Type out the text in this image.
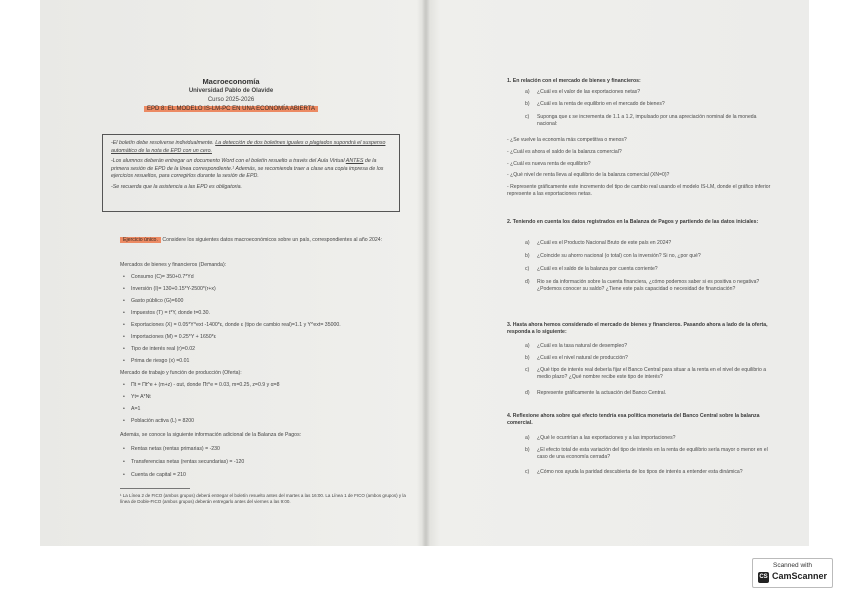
Macroeconomía
Universidad Pablo de Olavide
Curso 2025-2026
EPD 8: EL MODELO IS-LM-PC EN UNA ECONOMÍA ABIERTA

-El boletín debe resolverse individualmente. La detección de dos boletines iguales o plagiados supondrá el suspenso automático de la nota de EPD con un cero.

-Los alumnos deberán entregar un documento Word con el boletín resuelto a través del Aula Virtual ANTES de la primera sesión de EPD de la línea correspondiente.¹ Además, se recomienda traer a clase una copia impresa de los ejercicios resueltos, para corregirlos durante la sesión de EPD.

-Se recuerda que la asistencia a las EPD es obligatoria.

Ejercicio único. Considere los siguientes datos macroeconómicos sobre un país, correspondientes al año 2024:
Mercados de bienes y financieros (Demanda):
• Consumo (C)= 350+0.7*Yd
• Inversión (I)= 130+0.15*Y-2500*(r+x)
• Gasto público (G)=600
• Impuestos (T) = t*Y, donde t=0.30.
• Exportaciones (X) = 0.05*Y^ext -1400*ε, donde ε (tipo de cambio real)=1.1 y Y^ext= 35000.
• Importaciones (M) = 0.25*Y + 1650*ε
• Tipo de interés real (r)=0.02
• Prima de riesgo (x) =0.01
Mercado de trabajo y función de producción (Oferta):
• Πt = Πt^e + (m+z) - αut, donde Πt^e = 0.03, m=0.25, z=0.9 y α=8
• Yt= A*Nt
• A=1
• Población activa (L) = 8200
Además, se conoce la siguiente información adicional de la Balanza de Pagos:
• Rentas netas (rentas primarias) = -230
• Transferencias netas (rentas secundarias) = -120
• Cuenta de capital = 210
¹ La Línea 2 de FICO (ambos grupos) deberá entregar el boletín resuelto antes del martes a las 16:00. La Línea 1 de FICO (ambos grupos) y la línea de Doble-FICO (ambos grupos) deberán entregarlo antes del viernes a las 9:00.
1. En relación con el mercado de bienes y financieros:
a) ¿Cuál es el valor de las exportaciones netas?
b) ¿Cuál es la renta de equilibrio en el mercado de bienes?
c) Suponga que ε se incrementa de 1.1 a 1.2, impulsado por una apreciación nominal de la moneda nacional:
- ¿Se vuelve la economía más competitiva o menos?
- ¿Cuál es ahora el saldo de la balanza comercial?
- ¿Cuál es nueva renta de equilibrio?
- ¿Qué nivel de renta lleva al equilibrio de la balanza comercial (XN=0)?
- Represente gráficamente este incremento del tipo de cambio real usando el modelo IS-LM, donde el gráfico inferior represente a las exportaciones netas.
2. Teniendo en cuenta los datos registrados en la Balanza de Pagos y partiendo de las datos iniciales:
a) ¿Cuál es el Producto Nacional Bruto de este país en 2024?
b) ¿Coincide su ahorro nacional (o total) con la inversión? Si no, ¿por qué?
c) ¿Cuál es el saldo de la balanza por cuenta corriente?
d) Rio se da información sobre la cuenta financiera, ¿cómo podemos saber si es positiva o negativa? ¿Podemos conocer su saldo? ¿Tiene este país capacidad o necesidad de financiación?
3. Hasta ahora hemos considerado el mercado de bienes y financieros. Pasando ahora a lado de la oferta, responda a lo siguiente:
a) ¿Cuál es la tasa natural de desempleo?
b) ¿Cuál es el nivel natural de producción?
c) ¿Qué tipo de interés real debería fijar el Banco Central para situar a la renta en el nivel de equilibrio a medio plazo? ¿Qué nombre recibe este tipo de interés?
d) Represente gráficamente la actuación del Banco Central.
4. Reflexione ahora sobre qué efecto tendría esa política monetaria del Banco Central sobre la balanza comercial.
a) ¿Qué le ocurrirían a las exportaciones y a las importaciones?
b) ¿El efecto total de esta variación del tipo de interés en la renta de equilibrio sería mayor o menor en el caso de una economía cerrada?
c) ¿Cómo nos ayuda la paridad descubierta de los tipos de interés a entender esta dinámica?
Scanned with
CS CamScanner
